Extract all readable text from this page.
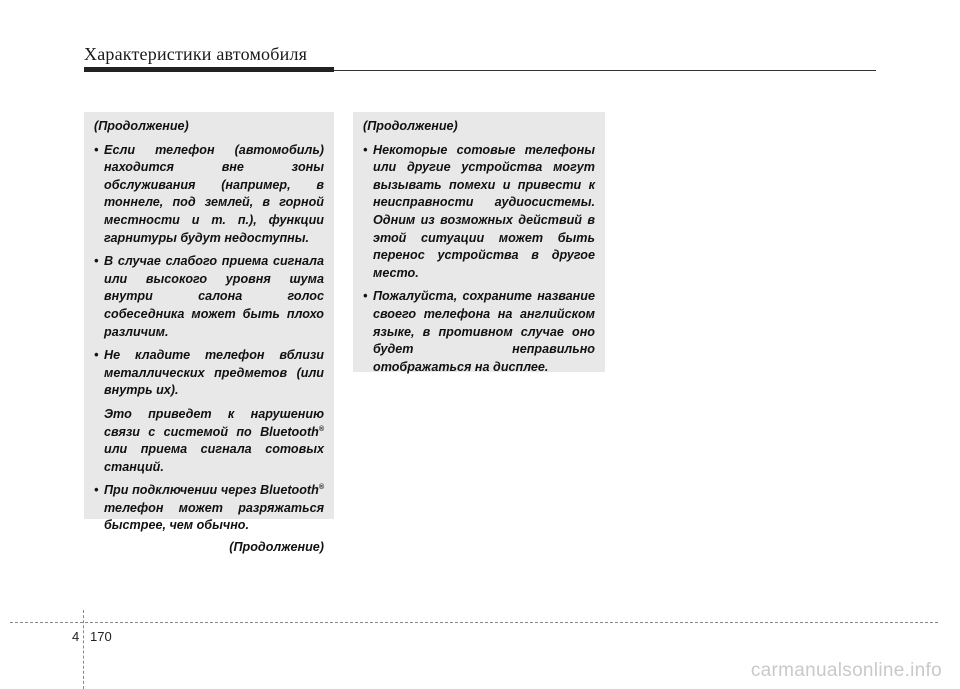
Характеристики автомобиля
(Продолжение)
• Если телефон (автомобиль) находится вне зоны обслуживания (например, в тоннеле, под землей, в горной местности и т. п.), функции гарнитуры будут недоступны.
• В случае слабого приема сигнала или высокого уровня шума внутри салона голос собеседника может быть плохо различим.
• Не кладите телефон вблизи металлических предметов (или внутрь их).
Это приведет к нарушению связи с системой по Bluetooth® или приема сигнала сотовых станций.
• При подключении через Bluetooth® телефон может разряжаться быстрее, чем обычно.
(Продолжение)
(Продолжение)
• Некоторые сотовые телефоны или другие устройства могут вызывать помехи и привести к неисправности аудиосистемы. Одним из возможных действий в этой ситуации может быть перенос устройства в другое место.
• Пожалуйста, сохраните название своего телефона на английском языке, в противном случае оно будет неправильно отображаться на дисплее.
4 170
carmanualsonline.info
